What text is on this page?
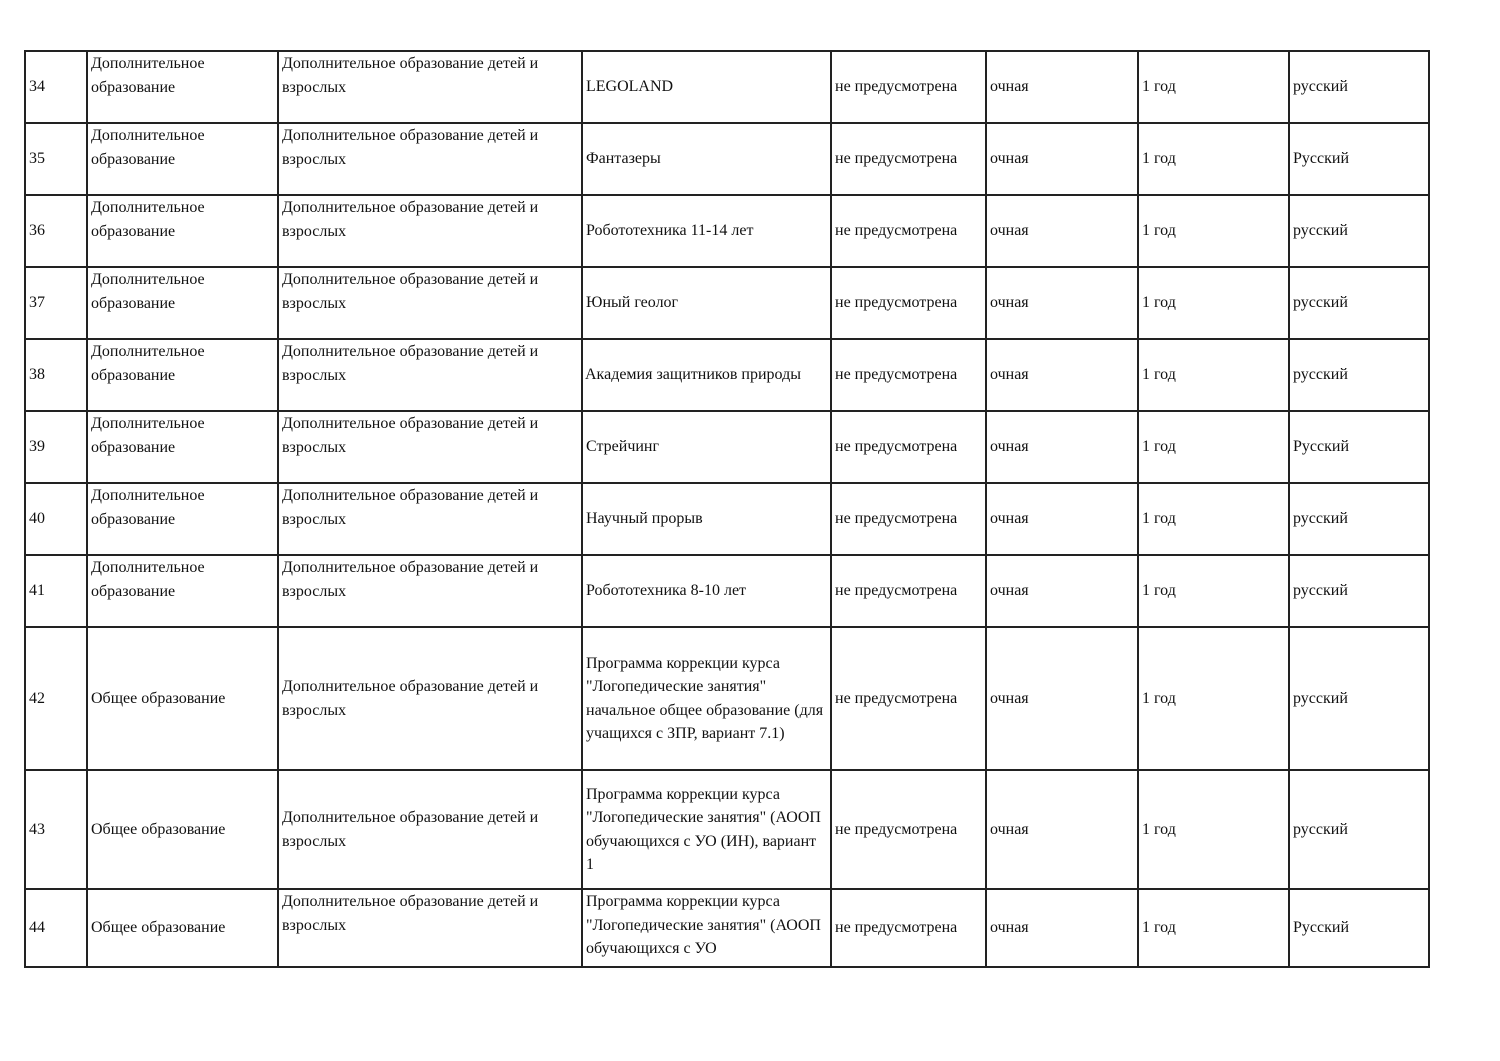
34	Дополнительное образование	Дополнительное образование детей и взрослых	LEGOLAND	не предусмотрена	очная	1 год	русский
35	Дополнительное образование	Дополнительное образование детей и взрослых	Фантазеры	не предусмотрена	очная	1 год	Русский
36	Дополнительное образование	Дополнительное образование детей и взрослых	Робототехника 11-14 лет	не предусмотрена	очная	1 год	русский
37	Дополнительное образование	Дополнительное образование детей и взрослых	Юный геолог	не предусмотрена	очная	1 год	русский
38	Дополнительное образование	Дополнительное образование детей и взрослых	Академия защитников природы	не предусмотрена	очная	1 год	русский
39	Дополнительное образование	Дополнительное образование детей и взрослых	Стрейчинг	не предусмотрена	очная	1 год	Русский
40	Дополнительное образование	Дополнительное образование детей и взрослых	Научный прорыв	не предусмотрена	очная	1 год	русский
41	Дополнительное образование	Дополнительное образование детей и взрослых	Робототехника 8-10 лет	не предусмотрена	очная	1 год	русский
42	Общее образование	Дополнительное образование детей и взрослых	Программа коррекции курса "Логопедические занятия" начальное общее образование (для учащихся с ЗПР, вариант 7.1)	не предусмотрена	очная	1 год	русский
43	Общее образование	Дополнительное образование детей и взрослых	Программа коррекции курса "Логопедические занятия" (АООП обучающихся с УО (ИН), вариант 1	не предусмотрена	очная	1 год	русский
44	Общее образование	Дополнительное образование детей и взрослых	Программа коррекции курса "Логопедические занятия" (АООП обучающихся с УО	не предусмотрена	очная	1 год	Русский
